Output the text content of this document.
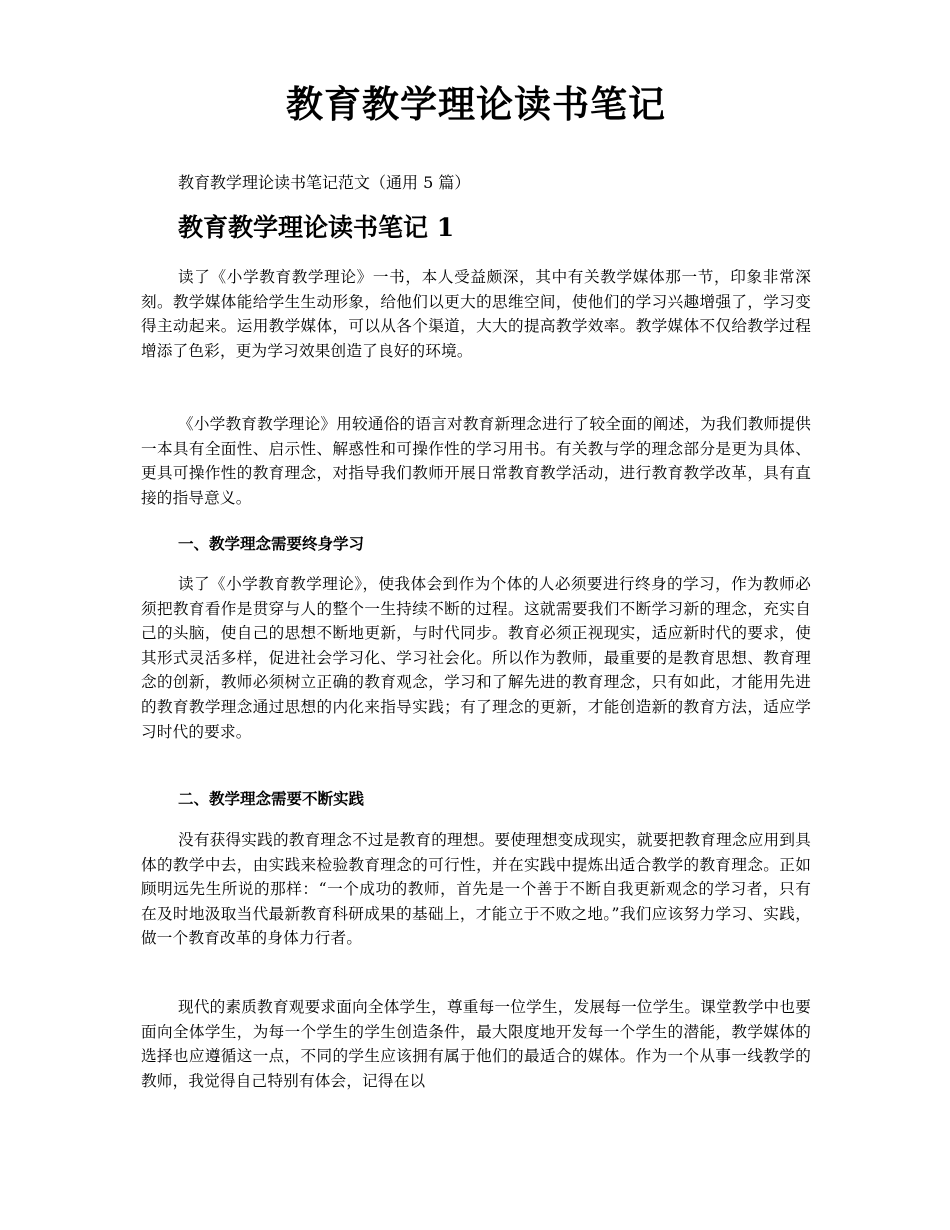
教育教学理论读书笔记

教育教学理论读书笔记范文（通用 5 篇）

教育教学理论读书笔记 1

读了《小学教育教学理论》一书，本人受益颇深，其中有关教学媒体那一节，印象非常深刻。教学媒体能给学生生动形象，给他们以更大的思维空间，使他们的学习兴趣增强了，学习变得主动起来。运用教学媒体，可以从各个渠道，大大的提高教学效率。教学媒体不仅给教学过程增添了色彩，更为学习效果创造了良好的环境。

《小学教育教学理论》用较通俗的语言对教育新理念进行了较全面的阐述，为我们教师提供一本具有全面性、启示性、解惑性和可操作性的学习用书。有关教与学的理念部分是更为具体、更具可操作性的教育理念，对指导我们教师开展日常教育教学活动，进行教育教学改革，具有直接的指导意义。

一、教学理念需要终身学习

读了《小学教育教学理论》，使我体会到作为个体的人必须要进行终身的学习，作为教师必须把教育看作是贯穿与人的整个一生持续不断的过程。这就需要我们不断学习新的理念，充实自己的头脑，使自己的思想不断地更新，与时代同步。教育必须正视现实，适应新时代的要求，使其形式灵活多样，促进社会学习化、学习社会化。所以作为教师，最重要的是教育思想、教育理念的创新，教师必须树立正确的教育观念，学习和了解先进的教育理念，只有如此，才能用先进的教育教学理念通过思想的内化来指导实践；有了理念的更新，才能创造新的教育方法，适应学习时代的要求。

二、教学理念需要不断实践

没有获得实践的教育理念不过是教育的理想。要使理想变成现实，就要把教育理念应用到具体的教学中去，由实践来检验教育理念的可行性，并在实践中提炼出适合教学的教育理念。正如顾明远先生所说的那样：“一个成功的教师，首先是一个善于不断自我更新观念的学习者，只有在及时地汲取当代最新教育科研成果的基础上，才能立于不败之地。”我们应该努力学习、实践，做一个教育改革的身体力行者。

现代的素质教育观要求面向全体学生，尊重每一位学生，发展每一位学生。课堂教学中也要面向全体学生，为每一个学生的学生创造条件，最大限度地开发每一个学生的潜能，教学媒体的选择也应遵循这一点，不同的学生应该拥有属于他们的最适合的媒体。作为一个从事一线教学的教师，我觉得自己特别有体会，记得在以
